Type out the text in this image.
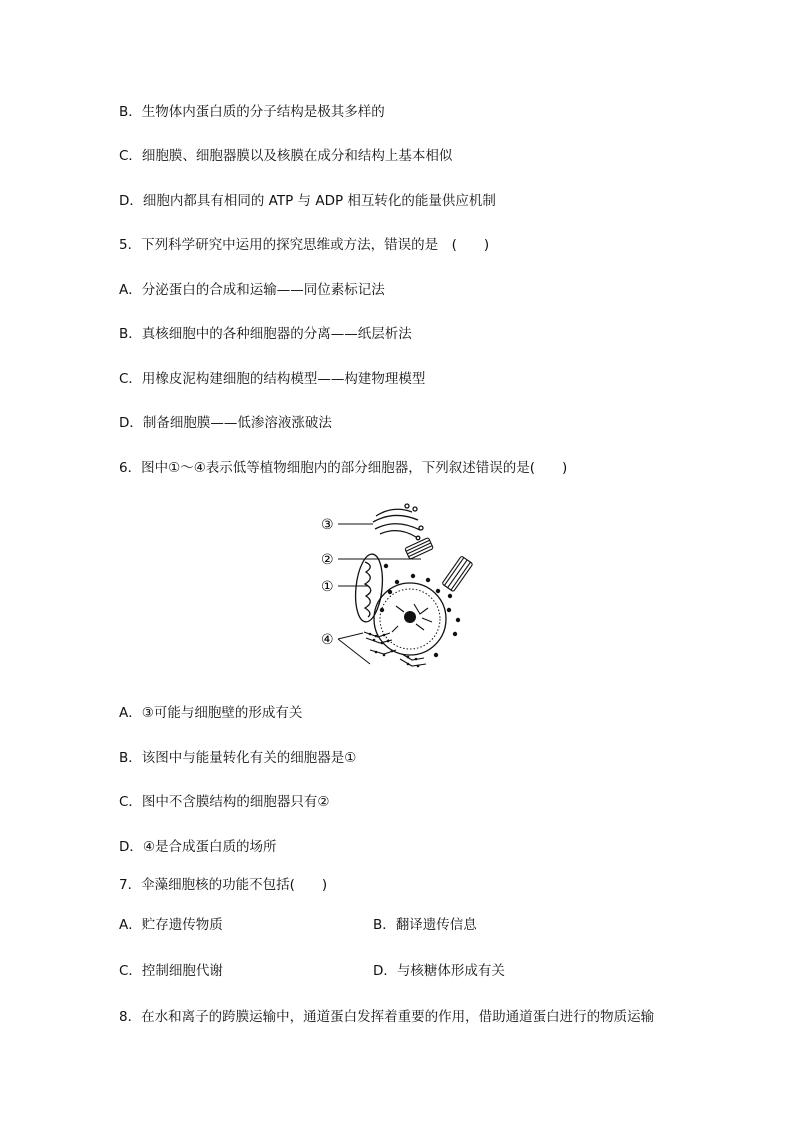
B．生物体内蛋白质的分子结构是极其多样的
C．细胞膜、细胞器膜以及核膜在成分和结构上基本相似
D．细胞内都具有相同的 ATP 与 ADP 相互转化的能量供应机制
5．下列科学研究中运用的探究思维或方法，错误的是　(　　)
A．分泌蛋白的合成和运输——同位素标记法
B．真核细胞中的各种细胞器的分离——纸层析法
C．用橡皮泥构建细胞的结构模型——构建物理模型
D．制备细胞膜——低渗溶液涨破法
6．图中①～④表示低等植物细胞内的部分细胞器，下列叙述错误的是(　　)
③
②
①
④
A．③可能与细胞壁的形成有关
B．该图中与能量转化有关的细胞器是①
C．图中不含膜结构的细胞器只有②
D．④是合成蛋白质的场所
7．伞藻细胞核的功能不包括(　　)
A．贮存遗传物质	B．翻译遗传信息
C．控制细胞代谢	D．与核糖体形成有关
8．在水和离子的跨膜运输中，通道蛋白发挥着重要的作用，借助通道蛋白进行的物质运输
